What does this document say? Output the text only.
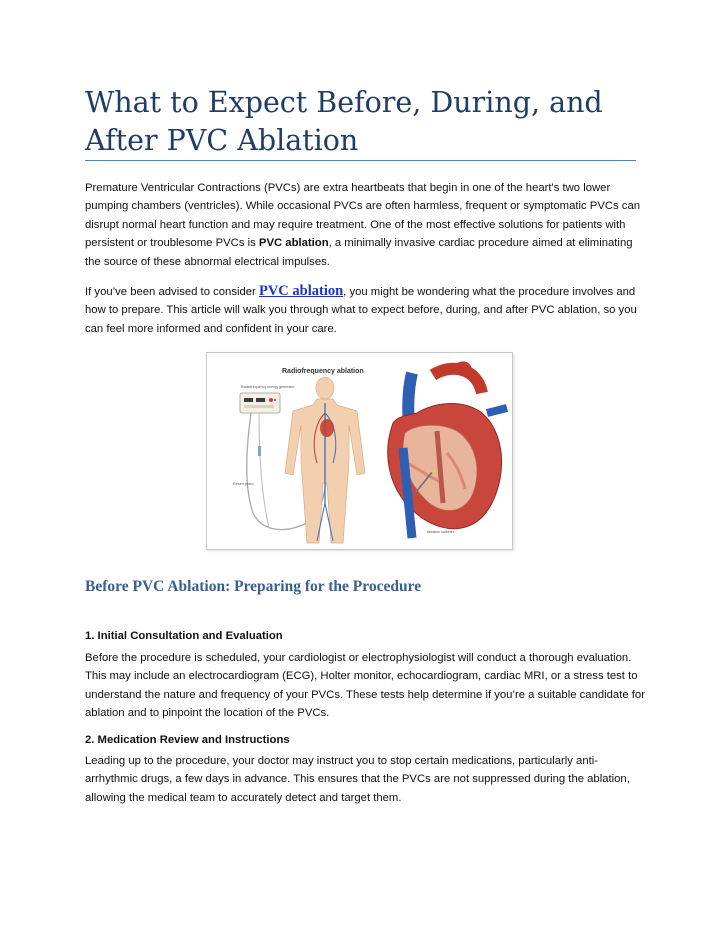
What to Expect Before, During, and After PVC Ablation

Premature Ventricular Contractions (PVCs) are extra heartbeats that begin in one of the heart's two lower pumping chambers (ventricles). While occasional PVCs are often harmless, frequent or symptomatic PVCs can disrupt normal heart function and may require treatment. One of the most effective solutions for patients with persistent or troublesome PVCs is PVC ablation, a minimally invasive cardiac procedure aimed at eliminating the source of these abnormal electrical impulses.

If you’ve been advised to consider PVC ablation, you might be wondering what the procedure involves and how to prepare. This article will walk you through what to expect before, during, and after PVC ablation, so you can feel more informed and confident in your care.

Radiofrequency ablation
Radiofrequency energy generator
Return patch
Ablation catheter
Before PVC Ablation: Preparing for the Procedure
1. Initial Consultation and Evaluation

Before the procedure is scheduled, your cardiologist or electrophysiologist will conduct a thorough evaluation. This may include an electrocardiogram (ECG), Holter monitor, echocardiogram, cardiac MRI, or a stress test to understand the nature and frequency of your PVCs. These tests help determine if you’re a suitable candidate for ablation and to pinpoint the location of the PVCs.

2. Medication Review and Instructions

Leading up to the procedure, your doctor may instruct you to stop certain medications, particularly anti-arrhythmic drugs, a few days in advance. This ensures that the PVCs are not suppressed during the ablation, allowing the medical team to accurately detect and target them.
